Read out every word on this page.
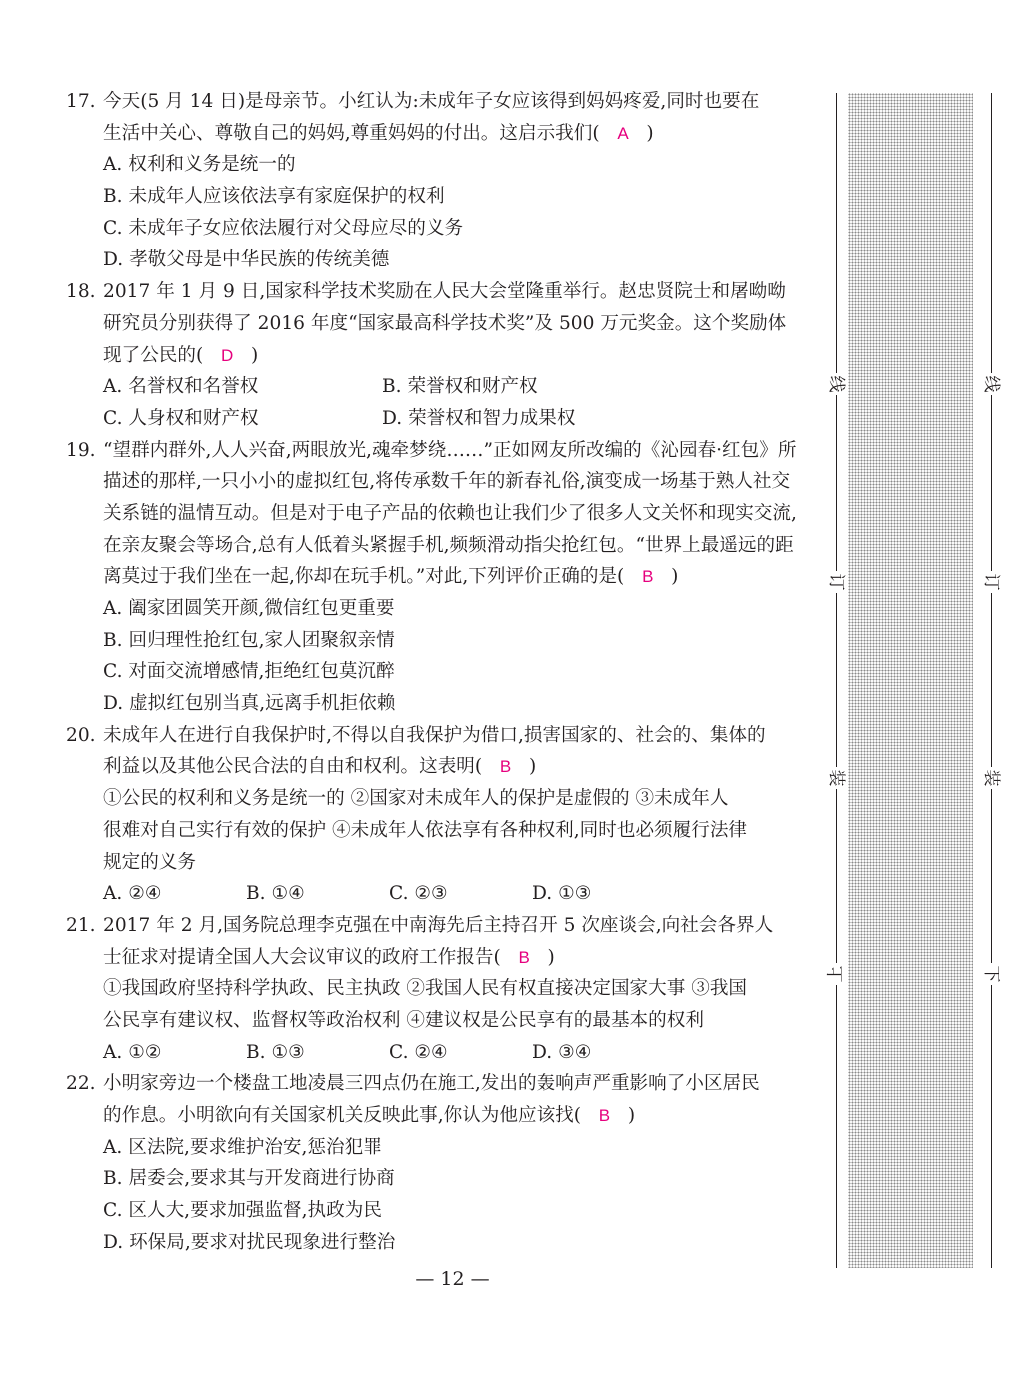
17. 今天(5 月 14 日)是母亲节。小红认为:未成年子女应该得到妈妈疼爱,同时也要在
生活中关心、尊敬自己的妈妈,尊重妈妈的付出。这启示我们( A )
A. 权利和义务是统一的
B. 未成年人应该依法享有家庭保护的权利
C. 未成年子女应依法履行对父母应尽的义务
D. 孝敬父母是中华民族的传统美德
18. 2017 年 1 月 9 日,国家科学技术奖励在人民大会堂隆重举行。赵忠贤院士和屠呦呦
研究员分别获得了 2016 年度“国家最高科学技术奖”及 500 万元奖金。这个奖励体
现了公民的( D )
A. 名誉权和名誉权	B. 荣誉权和财产权
C. 人身权和财产权	D. 荣誉权和智力成果权
19. “望群内群外,人人兴奋,两眼放光,魂牵梦绕……”正如网友所改编的《沁园春·红包》所
描述的那样,一只小小的虚拟红包,将传承数千年的新春礼俗,演变成一场基于熟人社交
关系链的温情互动。但是对于电子产品的依赖也让我们少了很多人文关怀和现实交流,
在亲友聚会等场合,总有人低着头紧握手机,频频滑动指尖抢红包。“世界上最遥远的距
离莫过于我们坐在一起,你却在玩手机。”对此,下列评价正确的是( B )
A. 阖家团圆笑开颜,微信红包更重要
B. 回归理性抢红包,家人团聚叙亲情
C. 对面交流增感情,拒绝红包莫沉醉
D. 虚拟红包别当真,远离手机拒依赖
20. 未成年人在进行自我保护时,不得以自我保护为借口,损害国家的、社会的、集体的
利益以及其他公民合法的自由和权利。这表明( B )
①公民的权利和义务是统一的 ②国家对未成年人的保护是虚假的 ③未成年人
很难对自己实行有效的保护 ④未成年人依法享有各种权利,同时也必须履行法律
规定的义务
A. ②④	B. ①④	C. ②③	D. ①③
21. 2017 年 2 月,国务院总理李克强在中南海先后主持召开 5 次座谈会,向社会各界人
士征求对提请全国人大会议审议的政府工作报告( B )
①我国政府坚持科学执政、民主执政 ②我国人民有权直接决定国家大事 ③我国
公民享有建议权、监督权等政治权利 ④建议权是公民享有的最基本的权利
A. ①②	B. ①③	C. ②④	D. ③④
22. 小明家旁边一个楼盘工地凌晨三四点仍在施工,发出的轰响声严重影响了小区居民
的作息。小明欲向有关国家机关反映此事,你认为他应该找( B )
A. 区法院,要求维护治安,惩治犯罪
B. 居委会,要求其与开发商进行协商
C. 区人大,要求加强监督,执政为民
D. 环保局,要求对扰民现象进行整治
— 12 —
线
订
装
上
线
订
装
下
